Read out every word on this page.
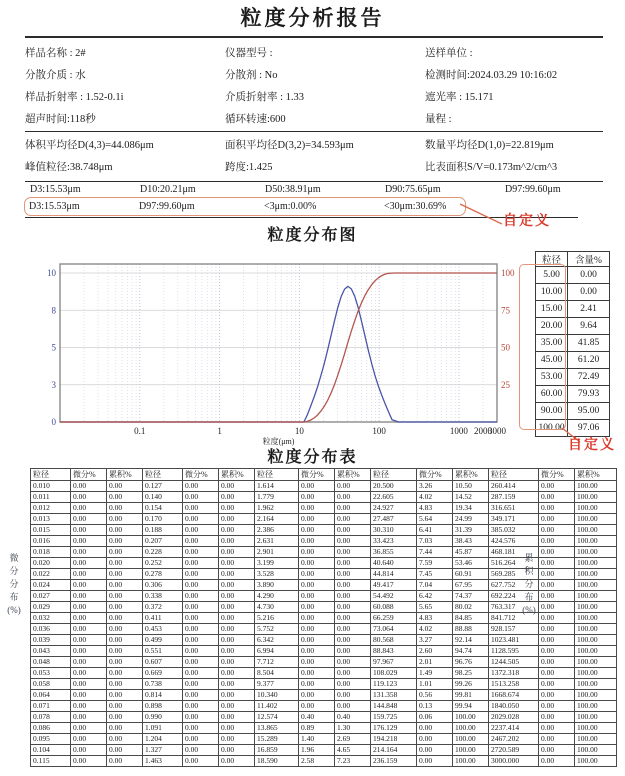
粒度分析报告
样品名称 : 2#	仪器型号 :	送样单位 :
分散介质 : 水	分散剂 : No	检测时间:2024.03.29 10:16:02
样品折射率 : 1.52-0.1i	介质折射率 : 1.33	遮光率 : 15.171
超声时间:118秒	循环转速:600	量程 :
体积平均径D(4,3)=44.086μm	面积平均径D(3,2)=34.593μm	数量平均径D(1,0)=22.819μm
峰值粒径:38.748μm	跨度:1.425	比表面积S/V=0.173m^2/cm^3
D3:15.53μm	D10:20.21μm	D50:38.91μm	D90:75.65μm	D97:99.60μm
D3:15.53μm	D97:99.60μm	<3μm:0.00%	<30μm:30.69%
自定义
粒度分布图
0
3
5
8
10
25
50
75
100
0.1	1	10	100	1000 2000
3000
粒度(μm)
微
分
分
布
(%)
累
积
分
布
(%)
粒径	含量%
5.00	0.00
10.00	0.00
15.00	2.41
20.00	9.64
35.00	41.85
45.00	61.20
53.00	72.49
60.00	79.93
90.00	95.00
100.00	97.06
自定义
粒度分布表
粒径	微分%	累积%	粒径	微分%	累积%	粒径	微分%	累积%	粒径	微分%	累积%	粒径	微分%	累积%
0.010	0.00	0.00	0.127	0.00	0.00	1.614	0.00	0.00	20.500	3.26	10.50	260.414	0.00	100.00
0.011	0.00	0.00	0.140	0.00	0.00	1.779	0.00	0.00	22.605	4.02	14.52	287.159	0.00	100.00
0.012	0.00	0.00	0.154	0.00	0.00	1.962	0.00	0.00	24.927	4.83	19.34	316.651	0.00	100.00
0.013	0.00	0.00	0.170	0.00	0.00	2.164	0.00	0.00	27.487	5.64	24.99	349.171	0.00	100.00
0.015	0.00	0.00	0.188	0.00	0.00	2.386	0.00	0.00	30.310	6.41	31.39	385.032	0.00	100.00
0.016	0.00	0.00	0.207	0.00	0.00	2.631	0.00	0.00	33.423	7.03	38.43	424.576	0.00	100.00
0.018	0.00	0.00	0.228	0.00	0.00	2.901	0.00	0.00	36.855	7.44	45.87	468.181	0.00	100.00
0.020	0.00	0.00	0.252	0.00	0.00	3.199	0.00	0.00	40.640	7.59	53.46	516.264	0.00	100.00
0.022	0.00	0.00	0.278	0.00	0.00	3.528	0.00	0.00	44.814	7.45	60.91	569.285	0.00	100.00
0.024	0.00	0.00	0.306	0.00	0.00	3.890	0.00	0.00	49.417	7.04	67.95	627.752	0.00	100.00
0.027	0.00	0.00	0.338	0.00	0.00	4.290	0.00	0.00	54.492	6.42	74.37	692.224	0.00	100.00
0.029	0.00	0.00	0.372	0.00	0.00	4.730	0.00	0.00	60.088	5.65	80.02	763.317	0.00	100.00
0.032	0.00	0.00	0.411	0.00	0.00	5.216	0.00	0.00	66.259	4.83	84.85	841.712	0.00	100.00
0.036	0.00	0.00	0.453	0.00	0.00	5.752	0.00	0.00	73.064	4.02	88.88	928.157	0.00	100.00
0.039	0.00	0.00	0.499	0.00	0.00	6.342	0.00	0.00	80.568	3.27	92.14	1023.481	0.00	100.00
0.043	0.00	0.00	0.551	0.00	0.00	6.994	0.00	0.00	88.843	2.60	94.74	1128.595	0.00	100.00
0.048	0.00	0.00	0.607	0.00	0.00	7.712	0.00	0.00	97.967	2.01	96.76	1244.505	0.00	100.00
0.053	0.00	0.00	0.669	0.00	0.00	8.504	0.00	0.00	108.029	1.49	98.25	1372.318	0.00	100.00
0.058	0.00	0.00	0.738	0.00	0.00	9.377	0.00	0.00	119.123	1.01	99.26	1513.258	0.00	100.00
0.064	0.00	0.00	0.814	0.00	0.00	10.340	0.00	0.00	131.358	0.56	99.81	1668.674	0.00	100.00
0.071	0.00	0.00	0.898	0.00	0.00	11.402	0.00	0.00	144.848	0.13	99.94	1840.050	0.00	100.00
0.078	0.00	0.00	0.990	0.00	0.00	12.574	0.40	0.40	159.725	0.06	100.00	2029.028	0.00	100.00
0.086	0.00	0.00	1.091	0.00	0.00	13.865	0.89	1.30	176.129	0.00	100.00	2237.414	0.00	100.00
0.095	0.00	0.00	1.204	0.00	0.00	15.289	1.40	2.69	194.218	0.00	100.00	2467.202	0.00	100.00
0.104	0.00	0.00	1.327	0.00	0.00	16.859	1.96	4.65	214.164	0.00	100.00	2720.589	0.00	100.00
0.115	0.00	0.00	1.463	0.00	0.00	18.590	2.58	7.23	236.159	0.00	100.00	3000.000	0.00	100.00
